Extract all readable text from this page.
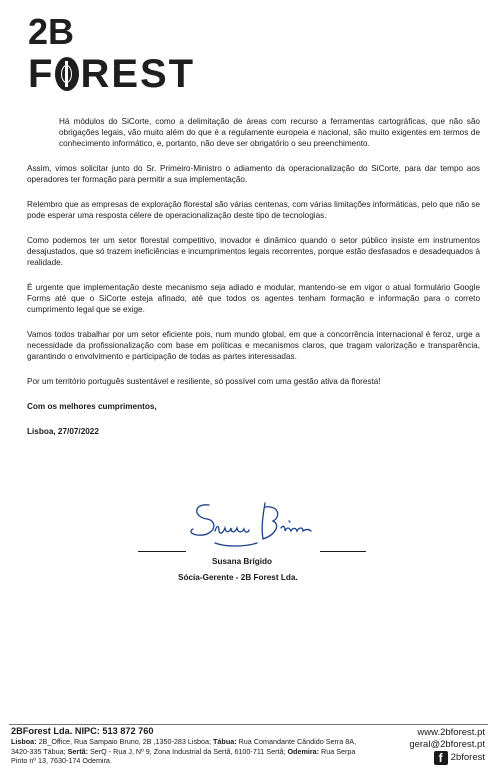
2B
F REST

Há módulos do SiCorte, como a delimitação de áreas com recurso a ferramentas cartográficas, que não são obrigações legais, vão muito além do que é a regulamente europeia e nacional, são muito exigentes em termos de conhecimento informático, e, portanto, não deve ser obrigatório o seu preenchimento.

Assim, vimos solicitar junto do Sr. Primeiro-Ministro o adiamento da operacionalização do SiCorte, para dar tempo aos operadores ter formação para permitir a sua implementação.

Relembro que as empresas de exploração florestal são várias centenas, com várias limitações informáticas, pelo que não se pode esperar uma resposta célere de operacionalização deste tipo de tecnologias.

Como podemos ter um setor florestal competitivo, inovador e dinâmico quando o setor público insiste em instrumentos desajustados, que só trazem ineficiências e incumprimentos legais recorrentes, porque estão desfasados e desadequados à realidade.

É urgente que implementação deste mecanismo seja adiado e modular, mantendo-se em vigor o atual formulário Google Forms até que o SiCorte esteja afinado, até que todos os agentes tenham formação e informação para o correto cumprimento legal que se exige.

Vamos todos trabalhar por um setor eficiente pois, num mundo global, em que a concorrência internacional é feroz, urge a necessidade da profissionalização com base em políticas e mecanismos claros, que tragam valorização e transparência, garantindo o envolvimento e participação de todas as partes interessadas.

Por um território português sustentável e resiliente, só possível com uma gestão ativa da floresta!

Com os melhores cumprimentos,

Lisboa, 27/07/2022

Susana Brígido
Sócia-Gerente - 2B Forest Lda.
2BForest Lda. NIPC: 513 872 760
Lisboa: 2B_Office, Rua Sampaio Bruno, 2B ,1350-283 Lisboa; Tábua: Rua Comandante Cândido Serra 8A, 3420-335 Tábua; Sertã: SerQ - Rua J, Nº 9, Zona Industrial da Sertã, 6100-711 Sertã; Odemira: Rua Serpa Pinto nº 13, 7630-174 Odemira.
www.2bforest.pt
geral@2bforest.pt
f 2bforest
